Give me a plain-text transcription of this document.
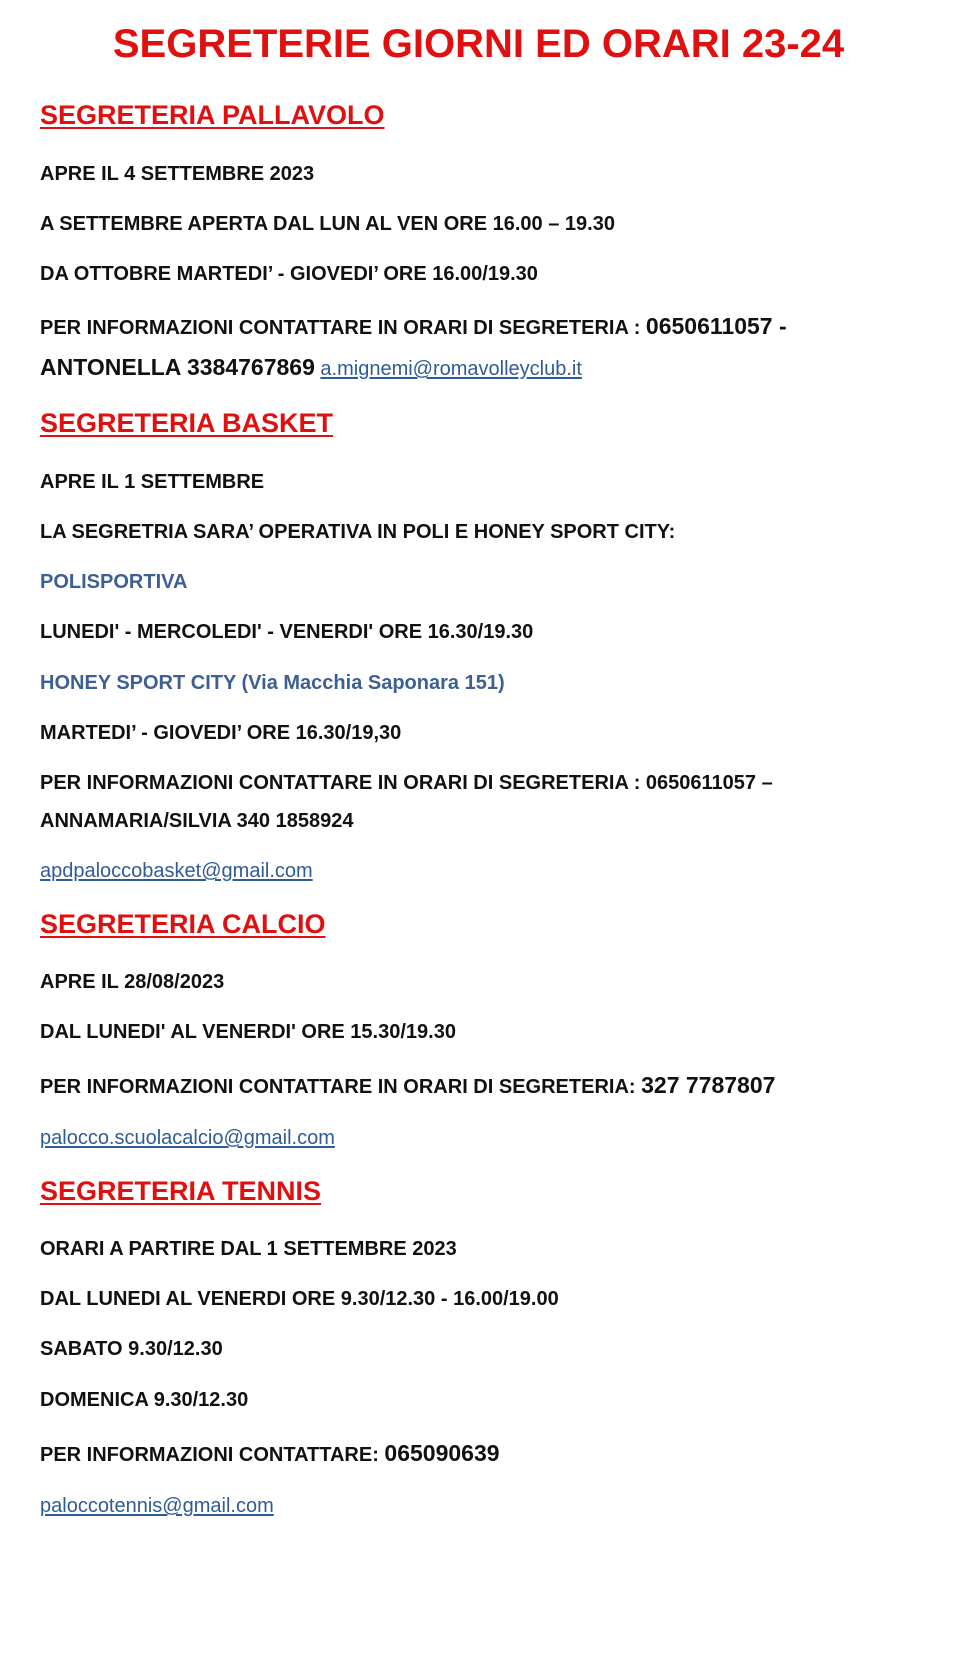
SEGRETERIE GIORNI ED ORARI 23-24
SEGRETERIA PALLAVOLO
APRE IL 4 SETTEMBRE 2023
A SETTEMBRE APERTA DAL LUN AL VEN ORE 16.00 – 19.30
DA OTTOBRE MARTEDI’ - GIOVEDI’ ORE 16.00/19.30
PER INFORMAZIONI CONTATTARE IN ORARI DI SEGRETERIA : 0650611057 -
ANTONELLA 3384767869 a.mignemi@romavolleyclub.it
SEGRETERIA BASKET
APRE IL 1 SETTEMBRE
LA SEGRETRIA SARA’ OPERATIVA IN POLI E HONEY SPORT CITY:
POLISPORTIVA
LUNEDI' - MERCOLEDI' - VENERDI' ORE 16.30/19.30
HONEY SPORT CITY (Via Macchia Saponara 151)
MARTEDI’ - GIOVEDI’ ORE 16.30/19,30
PER INFORMAZIONI CONTATTARE IN ORARI DI SEGRETERIA : 0650611057 –
ANNAMARIA/SILVIA 340 1858924
apdpaloccobasket@gmail.com
SEGRETERIA CALCIO
APRE IL 28/08/2023
DAL LUNEDI' AL VENERDI' ORE 15.30/19.30
PER INFORMAZIONI CONTATTARE IN ORARI DI SEGRETERIA: 327 7787807
palocco.scuolacalcio@gmail.com
SEGRETERIA TENNIS
ORARI A PARTIRE DAL 1 SETTEMBRE 2023
DAL LUNEDI AL VENERDI ORE 9.30/12.30 - 16.00/19.00
SABATO 9.30/12.30
DOMENICA 9.30/12.30
PER INFORMAZIONI CONTATTARE: 065090639
paloccotennis@gmail.com
